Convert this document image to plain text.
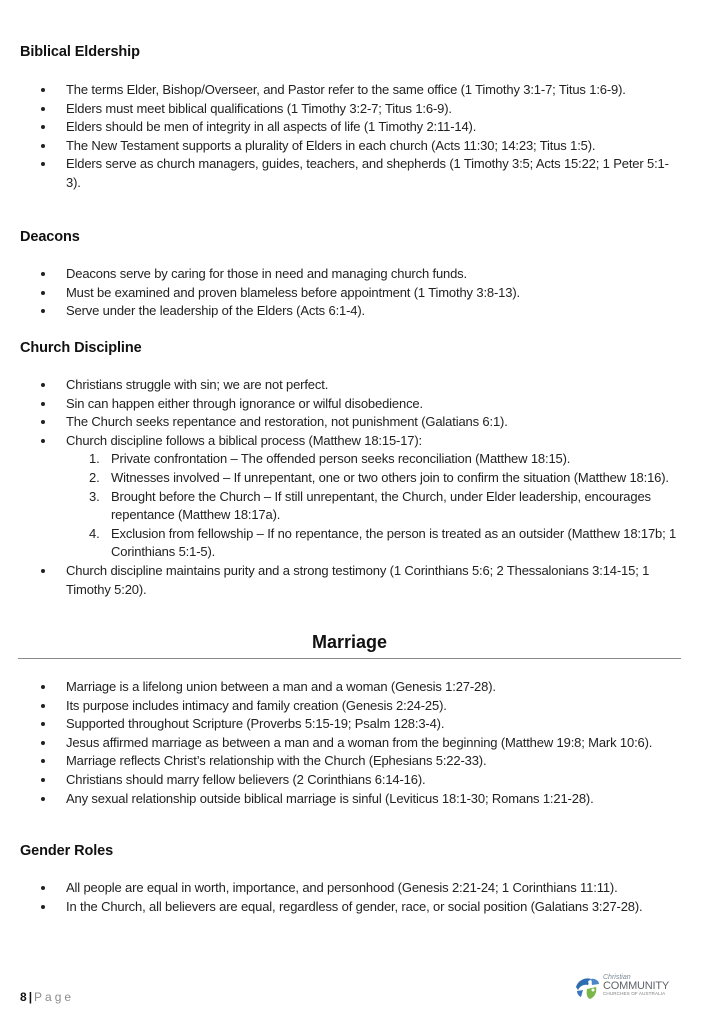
Biblical Eldership
The terms Elder, Bishop/Overseer, and Pastor refer to the same office (1 Timothy 3:1-7; Titus 1:6-9).
Elders must meet biblical qualifications (1 Timothy 3:2-7; Titus 1:6-9).
Elders should be men of integrity in all aspects of life (1 Timothy 2:11-14).
The New Testament supports a plurality of Elders in each church (Acts 11:30; 14:23; Titus 1:5).
Elders serve as church managers, guides, teachers, and shepherds (1 Timothy 3:5; Acts 15:22; 1 Peter 5:1-3).
Deacons
Deacons serve by caring for those in need and managing church funds.
Must be examined and proven blameless before appointment (1 Timothy 3:8-13).
Serve under the leadership of the Elders (Acts 6:1-4).
Church Discipline
Christians struggle with sin; we are not perfect.
Sin can happen either through ignorance or wilful disobedience.
The Church seeks repentance and restoration, not punishment (Galatians 6:1).
Church discipline follows a biblical process (Matthew 18:15-17):
1. Private confrontation – The offended person seeks reconciliation (Matthew 18:15).
2. Witnesses involved – If unrepentant, one or two others join to confirm the situation (Matthew 18:16).
3. Brought before the Church – If still unrepentant, the Church, under Elder leadership, encourages repentance (Matthew 18:17a).
4. Exclusion from fellowship – If no repentance, the person is treated as an outsider (Matthew 18:17b; 1 Corinthians 5:1-5).
Church discipline maintains purity and a strong testimony (1 Corinthians 5:6; 2 Thessalonians 3:14-15; 1 Timothy 5:20).
Marriage
Marriage is a lifelong union between a man and a woman (Genesis 1:27-28).
Its purpose includes intimacy and family creation (Genesis 2:24-25).
Supported throughout Scripture (Proverbs 5:15-19; Psalm 128:3-4).
Jesus affirmed marriage as between a man and a woman from the beginning (Matthew 19:8; Mark 10:6).
Marriage reflects Christ’s relationship with the Church (Ephesians 5:22-33).
Christians should marry fellow believers (2 Corinthians 6:14-16).
Any sexual relationship outside biblical marriage is sinful (Leviticus 18:1-30; Romans 1:21-28).
Gender Roles
All people are equal in worth, importance, and personhood (Genesis 2:21-24; 1 Corinthians 11:11).
In the Church, all believers are equal, regardless of gender, race, or social position (Galatians 3:27-28).
8 | Page
Christian
COMMUNITY
CHURCHES OF AUSTRALIA
